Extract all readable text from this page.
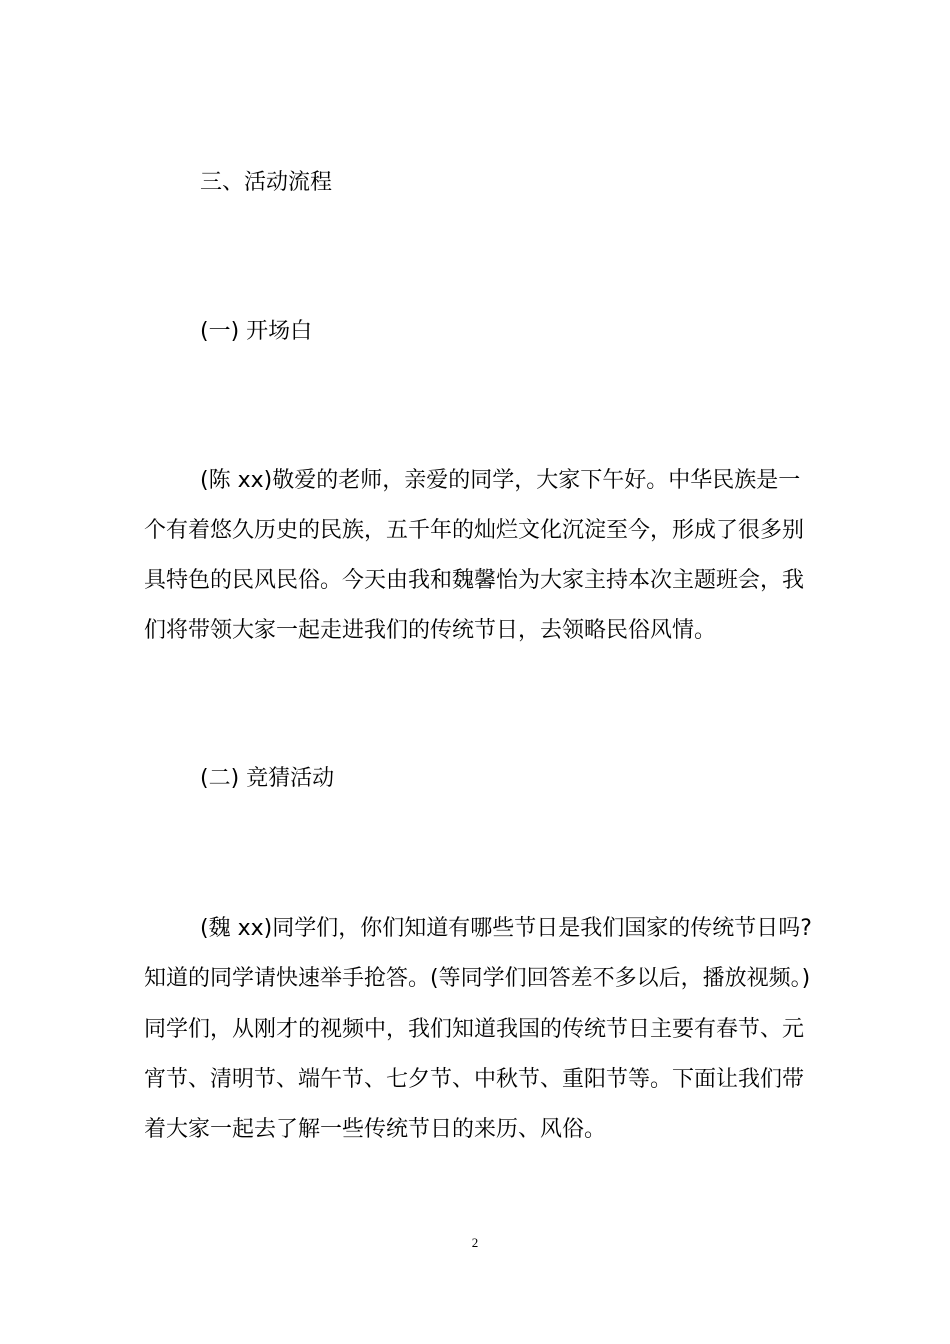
三、活动流程
(一) 开场白
(陈 xx)敬爱的老师，亲爱的同学，大家下午好。中华民族是一
个有着悠久历史的民族，五千年的灿烂文化沉淀至今，形成了很多别
具特色的民风民俗。今天由我和魏馨怡为大家主持本次主题班会，我
们将带领大家一起走进我们的传统节日，去领略民俗风情。
(二) 竞猜活动
(魏 xx)同学们，你们知道有哪些节日是我们国家的传统节日吗?
知道的同学请快速举手抢答。(等同学们回答差不多以后，播放视频。)
同学们，从刚才的视频中，我们知道我国的传统节日主要有春节、元
宵节、清明节、端午节、七夕节、中秋节、重阳节等。下面让我们带
着大家一起去了解一些传统节日的来历、风俗。
2
